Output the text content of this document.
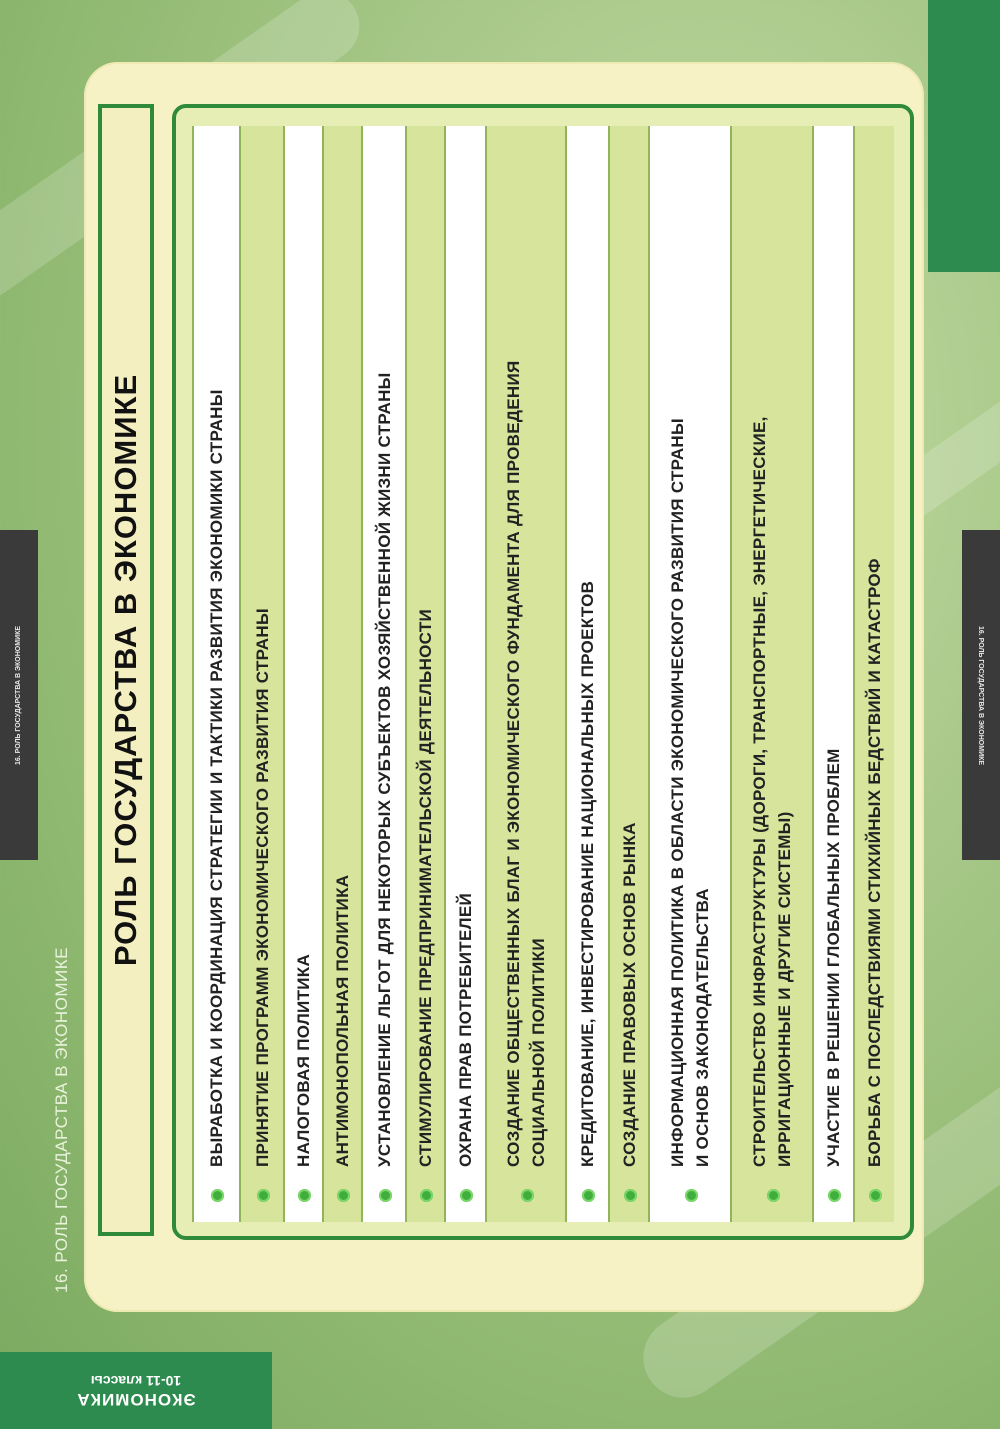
16. РОЛЬ ГОСУДАРСТВА В ЭКОНОМИКЕ	16. РОЛЬ ГОСУДАРСТВА В ЭКОНОМИКЕ
16. РОЛЬ ГОСУДАРСТВА В ЭКОНОМИКЕ
ЭКОНОМИКА
10-11 классы
РОЛЬ ГОСУДАРСТВА В ЭКОНОМИКЕ	ВЫРАБОТКА И КООРДИНАЦИЯ СТРАТЕГИИ И ТАКТИКИ РАЗВИТИЯ ЭКОНОМИКИ СТРАНЫ ПРИНЯТИЕ ПРОГРАММ ЭКОНОМИЧЕСКОГО РАЗВИТИЯ СТРАНЫ НАЛОГОВАЯ ПОЛИТИКА АНТИМОНОПОЛЬНАЯ ПОЛИТИКА УСТАНОВЛЕНИЕ ЛЬГОТ ДЛЯ НЕКОТОРЫХ СУБЪЕКТОВ ХОЗЯЙСТВЕННОЙ ЖИЗНИ СТРАНЫ СТИМУЛИРОВАНИЕ ПРЕДПРИНИМАТЕЛЬСКОЙ ДЕЯТЕЛЬНОСТИ ОХРАНА ПРАВ ПОТРЕБИТЕЛЕЙ СОЗДАНИЕ ОБЩЕСТВЕННЫХ БЛАГ И ЭКОНОМИЧЕСКОГО ФУНДАМЕНТА ДЛЯ ПРОВЕДЕНИЯ СОЦИАЛЬНОЙ ПОЛИТИКИ КРЕДИТОВАНИЕ, ИНВЕСТИРОВАНИЕ НАЦИОНАЛЬНЫХ ПРОЕКТОВ СОЗДАНИЕ ПРАВОВЫХ ОСНОВ РЫНКА ИНФОРМАЦИОННАЯ ПОЛИТИКА В ОБЛАСТИ ЭКОНОМИЧЕСКОГО РАЗВИТИЯ СТРАНЫ И ОСНОВ ЗАКОНОДАТЕЛЬСТВА СТРОИТЕЛЬСТВО ИНФРАСТРУКТУРЫ (ДОРОГИ, ТРАНСПОРТНЫЕ, ЭНЕРГЕТИЧЕСКИЕ, ИРРИГАЦИОННЫЕ И ДРУГИЕ СИСТЕМЫ) УЧАСТИЕ В РЕШЕНИИ ГЛОБАЛЬНЫХ ПРОБЛЕМ БОРЬБА С ПОСЛЕДСТВИЯМИ СТИХИЙНЫХ БЕДСТВИЙ И КАТАСТРОФ
